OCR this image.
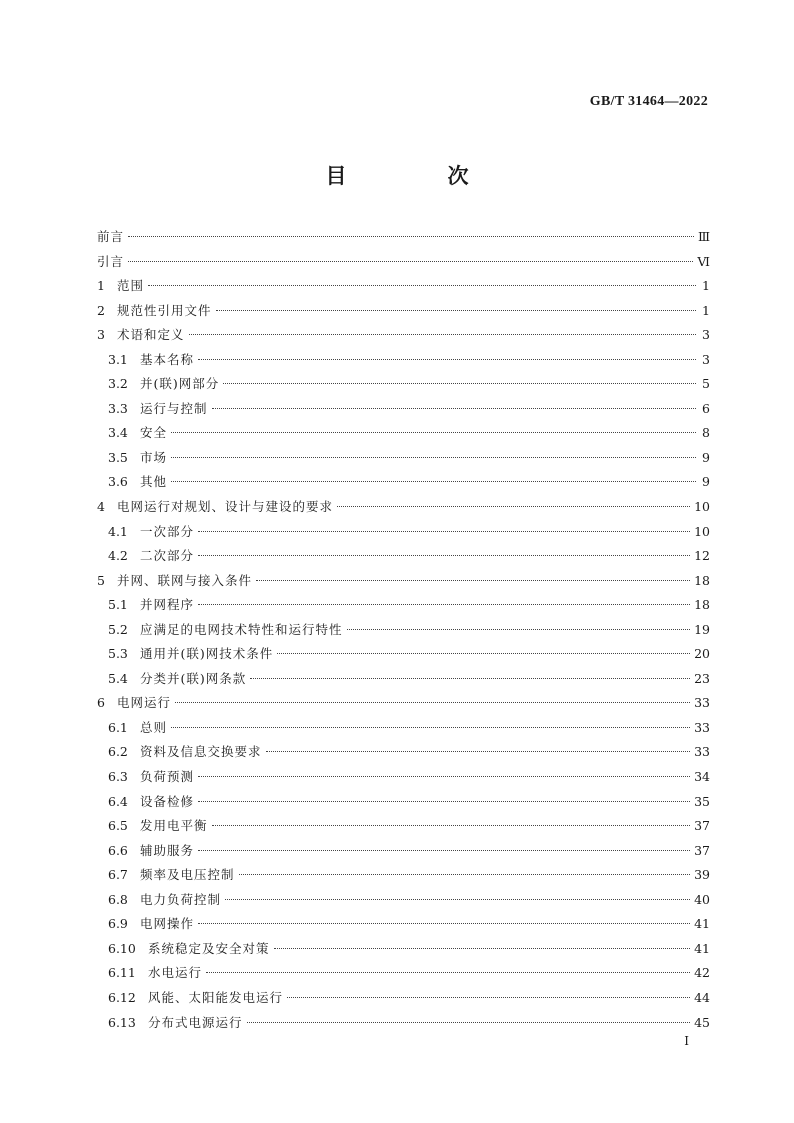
GB/T 31464—2022
目　次
前言	Ⅲ
引言	Ⅵ
1 范围	1
2 规范性引用文件	1
3 术语和定义	3
3.1 基本名称	3
3.2 并(联)网部分	5
3.3 运行与控制	6
3.4 安全	8
3.5 市场	9
3.6 其他	9
4 电网运行对规划、设计与建设的要求	10
4.1 一次部分	10
4.2 二次部分	12
5 并网、联网与接入条件	18
5.1 并网程序	18
5.2 应满足的电网技术特性和运行特性	19
5.3 通用并(联)网技术条件	20
5.4 分类并(联)网条款	23
6 电网运行	33
6.1 总则	33
6.2 资料及信息交换要求	33
6.3 负荷预测	34
6.4 设备检修	35
6.5 发用电平衡	37
6.6 辅助服务	37
6.7 频率及电压控制	39
6.8 电力负荷控制	40
6.9 电网操作	41
6.10 系统稳定及安全对策	41
6.11 水电运行	42
6.12 风能、太阳能发电运行	44
6.13 分布式电源运行	45
I
